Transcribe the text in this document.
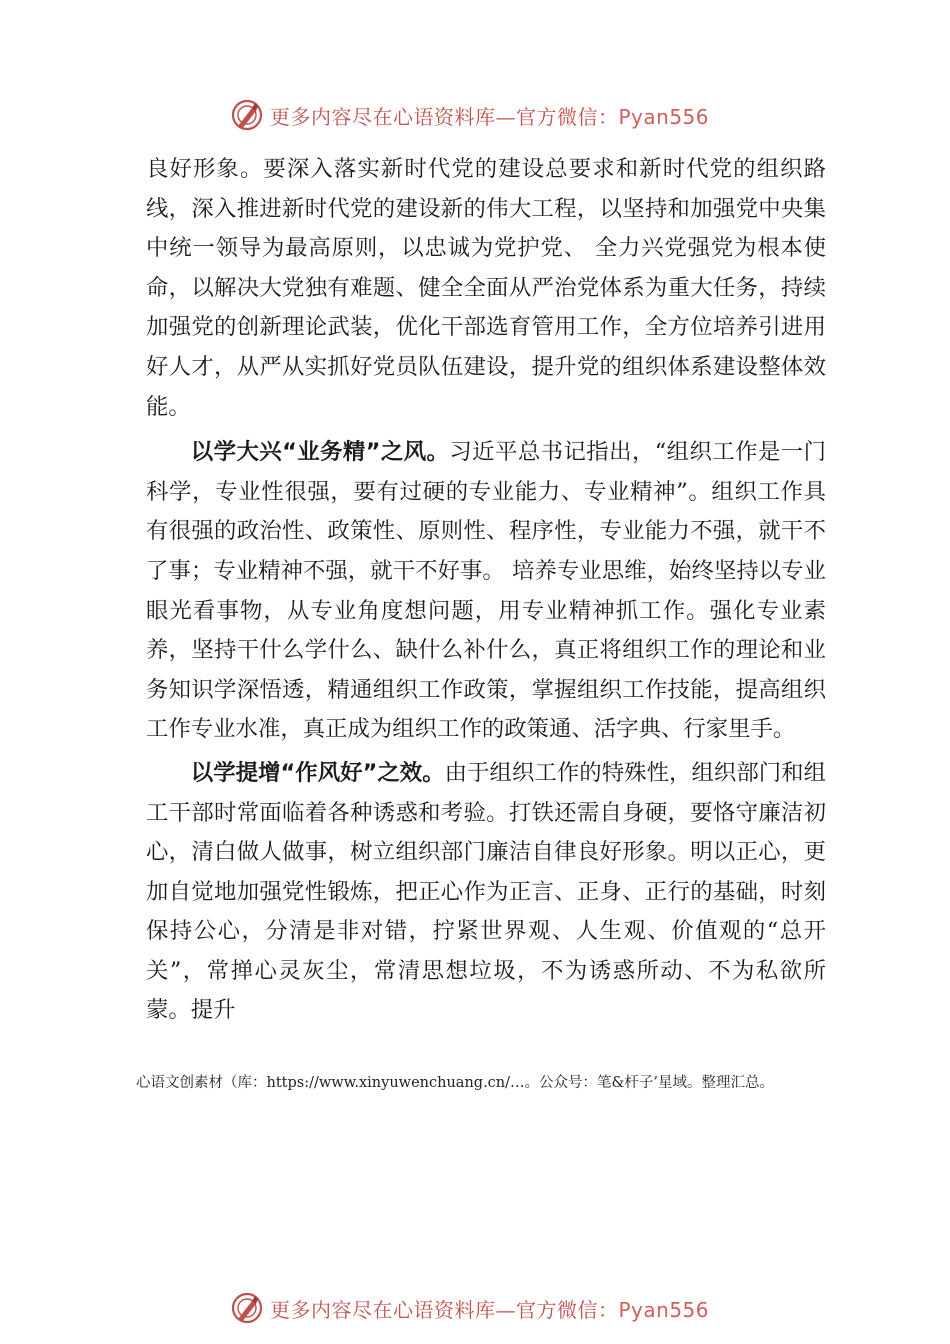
更多内容尽在心语资料库—官方微信：Pyan556

良好形象。要深入落实新时代党的建设总要求和新时代党的组织路线，深入推进新时代党的建设新的伟大工程，以坚持和加强党中央集中统一领导为最高原则，以忠诚为党护党、 全力兴党强党为根本使命，以解决大党独有难题、健全全面从严治党体系为重大任务，持续加强党的创新理论武装，优化干部选育管用工作，全方位培养引进用好人才，从严从实抓好党员队伍建设，提升党的组织体系建设整体效能。

以学大兴“业务精”之风。习近平总书记指出，“组织工作是一门科学，专业性很强，要有过硬的专业能力、专业精神”。组织工作具有很强的政治性、政策性、原则性、程序性，专业能力不强，就干不了事；专业精神不强，就干不好事。 培养专业思维，始终坚持以专业眼光看事物，从专业角度想问题，用专业精神抓工作。强化专业素养，坚持干什么学什么、缺什么补什么，真正将组织工作的理论和业务知识学深悟透，精通组织工作政策，掌握组织工作技能，提高组织工作专业水准，真正成为组织工作的政策通、活字典、行家里手。

以学提增“作风好”之效。由于组织工作的特殊性，组织部门和组工干部时常面临着各种诱惑和考验。打铁还需自身硬，要恪守廉洁初心，清白做人做事，树立组织部门廉洁自律良好形象。明以正心，更加自觉地加强党性锻炼，把正心作为正言、正身、正行的基础，时刻保持公心，分清是非对错，拧紧世界观、人生观、价值观的“总开关”，常掸心灵灰尘，常清思想垃圾，不为诱惑所动、不为私欲所蒙。提升

心语文创素材（库：https://www.xinyuwenchuang.cn/…。公众号：笔&杆子’星域。整理汇总。
更多内容尽在心语资料库—官方微信：Pyan556
